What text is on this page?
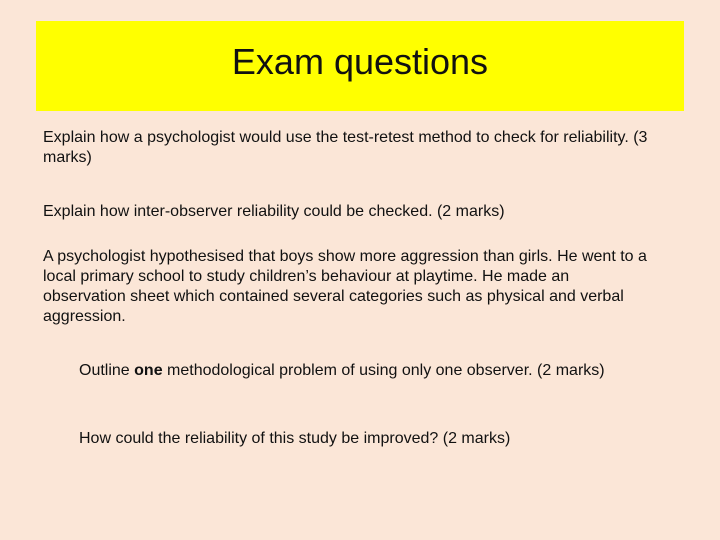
Exam questions

Explain how a psychologist would use the test-retest method to check for reliability. (3 marks)

Explain how inter-observer reliability could be checked. (2 marks)

A psychologist hypothesised that boys show more aggression than girls. He went to a local primary school to study children’s behaviour at playtime. He made an observation sheet which contained several categories such as physical and verbal aggression.

Outline one methodological problem of using only one observer. (2 marks)

How could the reliability of this study be improved? (2 marks)
